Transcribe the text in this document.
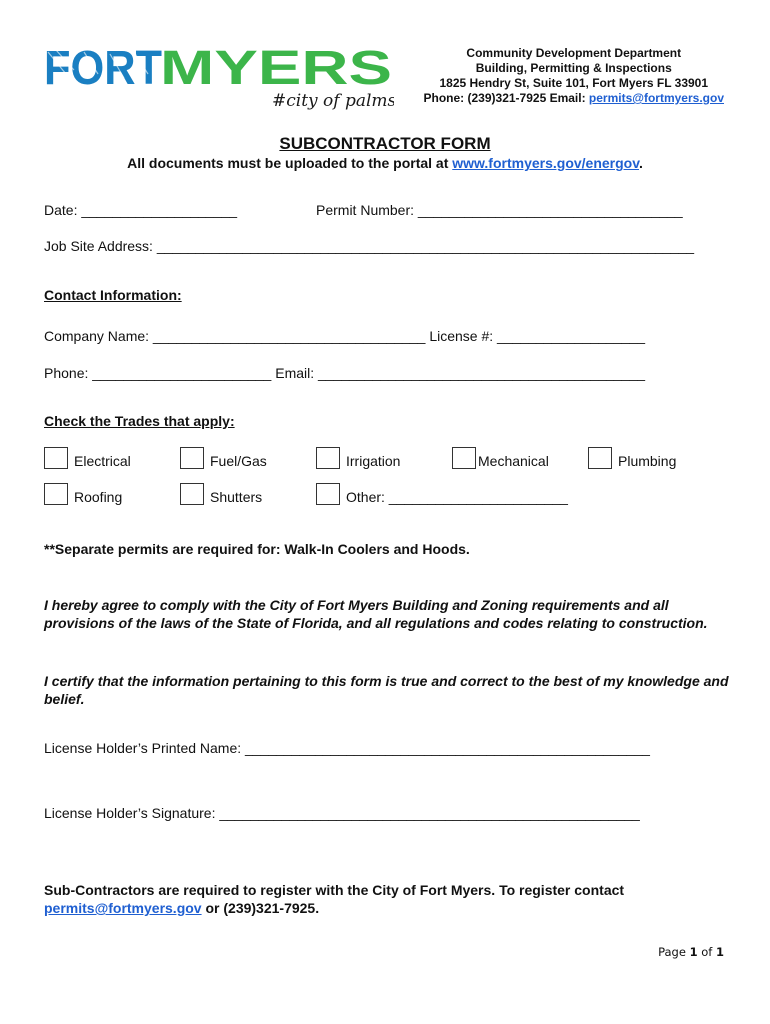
FORT
MYERS
#city of palms
Community Development Department
Building, Permitting & Inspections
1825 Hendry St, Suite 101, Fort Myers FL 33901
Phone: (239)321-7925 Email: permits@fortmyers.gov
SUBCONTRACTOR FORM
All documents must be uploaded to the portal at www.fortmyers.gov/energov.
Date: ____________________	Permit Number: __________________________________
Job Site Address: _____________________________________________________________________
Contact Information:
Company Name: ___________________________________ License #: ___________________
Phone: _______________________ Email: __________________________________________
Check the Trades that apply:
Electrical	Fuel/Gas	Irrigation	Mechanical	Plumbing
Roofing	Shutters	Other: _______________________
**Separate permits are required for: Walk-In Coolers and Hoods.
I hereby agree to comply with the City of Fort Myers Building and Zoning requirements and all provisions of the laws of the State of Florida, and all regulations and codes relating to construction.
I certify that the information pertaining to this form is true and correct to the best of my knowledge and belief.
License Holder’s Printed Name: ____________________________________________________
License Holder’s Signature: ______________________________________________________
Sub-Contractors are required to register with the City of Fort Myers. To register contact
permits@fortmyers.gov or (239)321-7925.
Page 1 of 1
